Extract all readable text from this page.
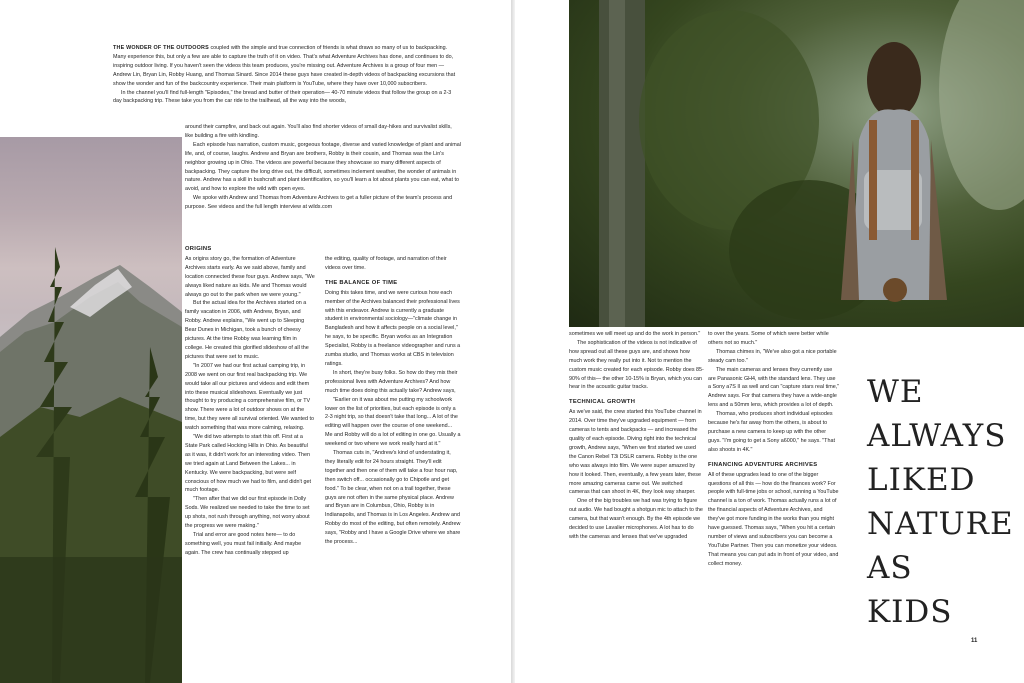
THE WONDER OF THE OUTDOORS coupled with the simple and true connection of friends is what draws so many of us to backpacking. Many experience this, but only a few are able to capture the truth of it on video. That's what Adventure Archives has done, and continues to do, inspiring outdoor living. If you haven't seen the videos this team produces, you're missing out. Adventure Archives is a group of four men — Andrew Lin, Bryan Lin, Robby Huang, and Thomas Sinard. Since 2014 these guys have created in-depth videos of backpacking excursions that show the wonder and fun of the backcountry experience. Their main platform is YouTube, where they have over 10,000 subscribers.

In the channel you'll find full-length "Episodes," the bread and butter of their operation— 40-70 minute videos that follow the group on a 2-3 day backpacking trip. These take you from the car ride to the trailhead, all the way into the woods,

around their campfire, and back out again. You'll also find shorter videos of small day-hikes and survivalist skills, like building a fire with kindling.

Each episode has narration, custom music, gorgeous footage, diverse and varied knowledge of plant and animal life, and, of course, laughs. Andrew and Bryan are brothers, Robby is their cousin, and Thomas was the Lin's neighbor growing up in Ohio. The videos are powerful because they showcase so many different aspects of backpacking. They capture the long drive out, the difficult, sometimes inclement weather, the wonder of animals in nature. Andrew has a skill in bushcraft and plant identification, so you'll learn a lot about plants you can eat, what to avoid, and how to explore the wild with open eyes.

We spoke with Andrew and Thomas from Adventure Archives to get a fuller picture of the team's process and purpose. See videos and the full length interview at wilds.com

ORIGINS

As origins story go, the formation of Adventure Archives starts early. As we said above, family and location connected these four guys. Andrew says, "We always liked nature as kids. Me and Thomas would always go out to the park when we were young."

But the actual idea for the Archives started on a family vacation in 2006, with Andrew, Bryan, and Robby. Andrew explains, "We went up to Sleeping Bear Dunes in Michigan, took a bunch of cheesy pictures. At the time Robby was learning film in college. He created this glorified slideshow of all the pictures that were set to music.

"In 2007 we had our first actual camping trip, in 2008 we went on our first real backpacking trip. We would take all our pictures and videos and edit them into these musical slideshows. Eventually we just thought to try producing a comprehensive film, or TV show. There were a lot of outdoor shows on at the time, but they were all survival oriented. We wanted to watch something that was more calming, relaxing.

"We did two attempts to start this off. First at a State Park called Hocking Hills in Ohio. As beautiful as it was, it didn't work for an interesting video. Then we tried again at Land Between the Lakes... in Kentucky. We were backpacking, but were self conscious of how much we had to film, and didn't get much footage.

"Then after that we did our first episode in Dolly Sods. We realized we needed to take the time to set up shots, not rush through anything, not worry about the progress we were making."

Trial and error are good notes here— to do something well, you must fail initially. And maybe again. The crew has continually stepped up

the editing, quality of footage, and narration of their videos over time.

THE BALANCE OF TIME

Doing this takes time, and we were curious how each member of the Archives balanced their professional lives with this endeavor. Andrew is currently a graduate student in environmental sociology—"climate change in Bangladesh and how it affects people on a social level," he says, to be specific. Bryan works as an Integration Specialist, Robby is a freelance videographer and runs a zumba studio, and Thomas works at CBS in television ratings.

In short, they're busy folks. So how do they mix their professional lives with Adventure Archives? And how much time does doing this actually take? Andrew says,

"Earlier on it was about me putting my schoolwork lower on the list of priorities, but each episode is only a 2-3 night trip, so that doesn't take that long... A lot of the editing will happen over the course of one weekend... Me and Robby will do a lot of editing in one go. Usually a weekend or two where we work really hard at it."

Thomas cuts in, "Andrew's kind of understating it, they literally edit for 24 hours straight. They'll edit together and then one of them will take a four hour nap, then switch off... occasionally go to Chipotle and get food." To be clear, when not on a trail together, these guys are not often in the same physical place. Andrew and Bryan are in Columbus, Ohio, Robby is in Indianapolis, and Thomas is in Los Angeles. Andrew and Robby do most of the editing, but often remotely. Andrew says, "Robby and I have a Google Drive where we share the process...

sometimes we will meet up and do the work in person."

The sophistication of the videos is not indicative of how spread out all these guys are, and shows how much work they really put into it. Not to mention the custom music created for each episode. Robby does 85-90% of this— the other 10-15% is Bryan, which you can hear in the acoustic guitar tracks.

TECHNICAL GROWTH

As we've said, the crew started this YouTube channel in 2014. Over time they've upgraded equipment — from cameras to tents and backpacks — and increased the quality of each episode. Diving right into the technical growth, Andrew says, "When we first started we used the Canon Rebel T3i DSLR camera. Robby is the one who was always into film. We were super amazed by how it looked. Then, eventually, a few years later, these more amazing cameras came out. We switched cameras that can shoot in 4K, they look way sharper.

One of the big troubles we had was trying to figure out audio. We had bought a shotgun mic to attach to the camera, but that wasn't enough. By the 4th episode we decided to use Lavalier microphones. A lot has to do with the cameras and lenses that we've upgraded

to over the years. Some of which were better while others not so much."

Thomas chimes in, "We've also got a nice portable steady cam too."

The main cameras and lenses they currently use are Panasonic GH4, with the standard lens. They use a Sony a7S II as well and can "capture stars real time," Andrew says. For that camera they have a wide-angle lens and a 50mm lens, which provides a lot of depth.

Thomas, who produces short individual episodes because he's far away from the others, is about to purchase a new camera to keep up with the other guys. "I'm going to get a Sony a6000," he says. "That also shoots in 4K."

FINANCING ADVENTURE ARCHIVES

All of these upgrades lead to one of the bigger questions of all this — how do the finances work? For people with full-time jobs or school, running a YouTube channel is a ton of work. Thomas actually runs a lot of the financial aspects of Adventure Archives, and they've got more funding in the works than you might have guessed. Thomas says, "When you hit a certain number of views and subscribers you can become a YouTube Partner. Then you can monetize your videos. That means you can put ads in front of your video, and collect money.

WE
ALWAYS
LIKED
NATURE
AS KIDS
11
